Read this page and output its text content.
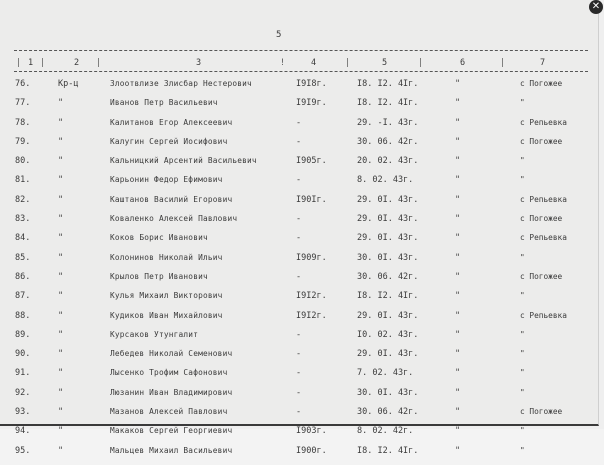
5
| 1 |	2 |	3	!	4	|	5	|	6	|	7
76.	Кр-ц	Злоотвлизе Злисбар Нестерович	I9I8г.	I8. I2. 4Iг.	"	с Погожее
77.	"	Иванов Петр Васильевич	I9I9г.	I8. I2. 4Iг.	"	"
78.	"	Калитанов Егор Алексеевич	-	29. -I. 43г.	"	с Репьевка
79.	"	Калугин Сергей Иосифович	-	30. 06. 42г.	"	с Погожее
80.	"	Кальницкий Арсентий Васильевич	I905г.	20. 02. 43г.	"	"
81.	"	Карьонин Федор Ефимович	-	8. 02. 43г.	"	"
82.	"	Каштанов Василий Егорович	I90Iг.	29. 0I. 43г.	"	с Репьевка
83.	"	Коваленко Алексей Павлович	-	29. 0I. 43г.	"	с Погожее
84.	"	Коков Борис Иванович	-	29. 0I. 43г.	"	с Репьевка
85.	"	Колонинов Николай Ильич	I909г.	30. 0I. 43г.	"	"
86.	"	Крылов Петр Иванович	-	30. 06. 42г.	"	с Погожее
87.	"	Кулья Михаил Викторович	I9I2г.	I8. I2. 4Iг.	"	"
88.	"	Кудиков Иван Михайлович	I9I2г.	29. 0I. 43г.	"	с Репьевка
89.	"	Курсаков Утунгалит	-	I0. 02. 43г.	"	"
90.	"	Лебедев Николай Семенович	-	29. 0I. 43г.	"	"
91.	"	Лысенко Трофим Сафонович	-	7. 02. 43г.	"	"
92.	"	Люзанин Иван Владимирович	-	30. 0I. 43г.	"	"
93.	"	Мазанов Алексей Павлович	-	30. 06. 42г.	"	с Погожее
94.	"	Макаков Сергей Георгиевич	I903г.	8. 02. 42г.	"	"
95.	"	Мальцев Михаил Васильевич	I900г.	I8. I2. 4Iг.	"	"
✕
